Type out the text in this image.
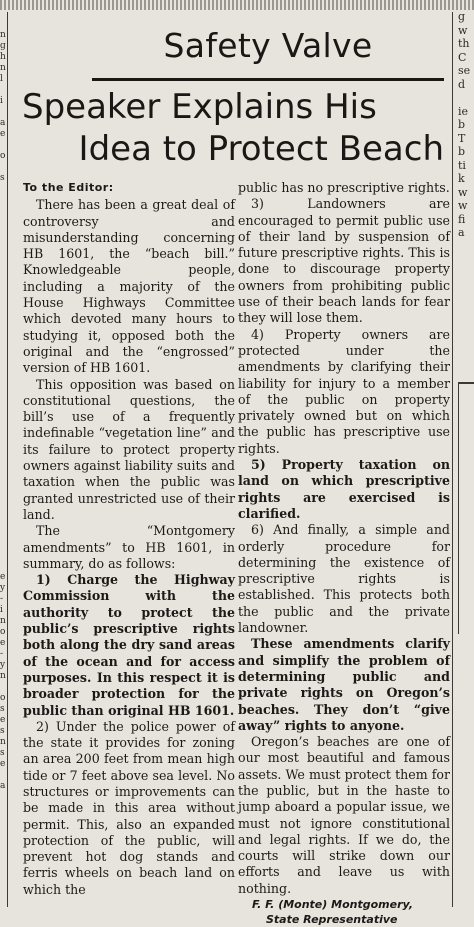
n
g
h
n
l
i
a
e
o
s
e
y
-
i
n
o
e
-
y
n
o
s
e
s
n
s
e
a
g
w
th
C
se
d
ie
b
T
b
ti
k
w
w
fi
a
Safety Valve
Speaker Explains His
Idea to Protect Beach
To the Editor:

There has been a great deal of controversy and misunderstanding concerning HB 1601, the “beach bill.” Knowledgeable people, including a majority of the House Highways Committee which devoted many hours to studying it, opposed both the original and the “engrossed” version of HB 1601.

This opposition was based on constitutional questions, the bill’s use of a frequently indefinable “vegetation line” and its failure to protect property owners against liability suits and taxation when the public was granted unrestricted use of their land.

The “Montgomery amendments” to HB 1601, in summary, do as follows:

1) Charge the Highway Commission with the authority to protect the public’s prescriptive rights both along the dry sand areas of the ocean and for access purposes. In this respect it is broader protection for the public than original HB 1601.

2) Under the police power of the state it provides for zoning an area 200 feet from mean high tide or 7 feet above sea level. No structures or improvements can be made in this area without permit. This, also an expanded protection of the public, will prevent hot dog stands and ferris wheels on beach land on which the

public has no prescriptive rights.

3) Landowners are encouraged to permit public use of their land by suspension of future prescriptive rights. This is done to discourage property owners from prohibiting public use of their beach lands for fear they will lose them.

4) Property owners are protected under the amendments by clarifying their liability for injury to a member of the public on property privately owned but on which the public has prescriptive use rights.

5) Property taxation on land on which prescriptive rights are exercised is clarified.

6) And finally, a simple and orderly procedure for determining the existence of prescriptive rights is established. This protects both the public and the private landowner.

These amendments clarify and simplify the problem of determining public and private rights on Oregon’s beaches. They don’t “give away” rights to anyone.

Oregon’s beaches are one of our most beautiful and famous assets. We must protect them for the public, but in the haste to jump aboard a popular issue, we must not ignore constitutional and legal rights. If we do, the courts will strike down our efforts and leave us with nothing.

F. F. (Monte) Montgomery,
State Representative
